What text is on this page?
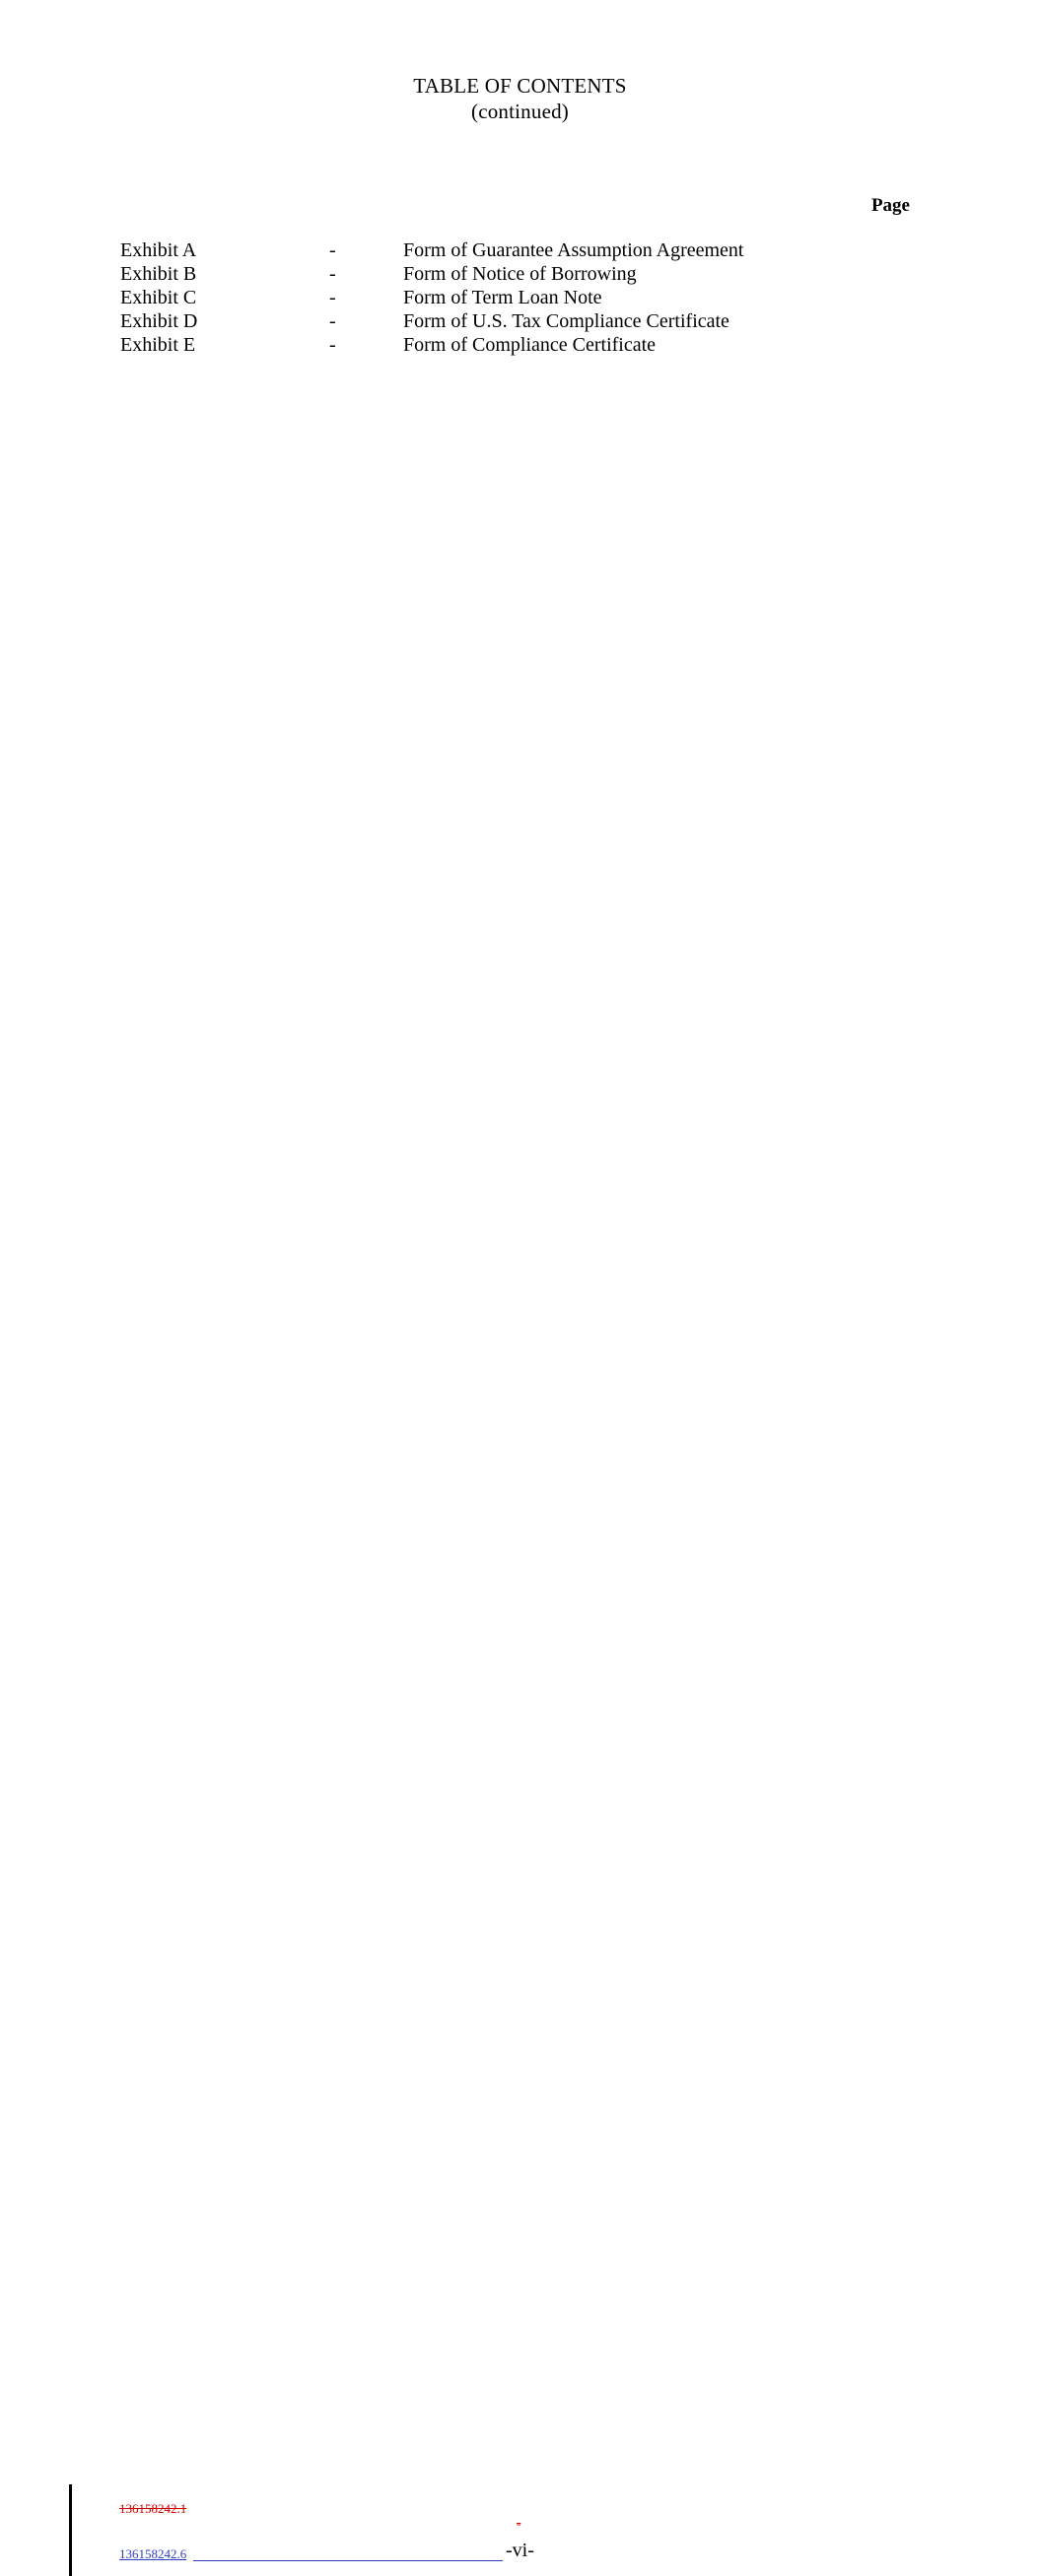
TABLE OF CONTENTS
(continued)
Page
Exhibit A	-	Form of Guarantee Assumption Agreement
Exhibit B	-	Form of Notice of Borrowing
Exhibit C	-	Form of Term Loan Note
Exhibit D	-	Form of U.S. Tax Compliance Certificate
Exhibit E	-	Form of Compliance Certificate
136158242.1
-
136158242.6	-vi-
